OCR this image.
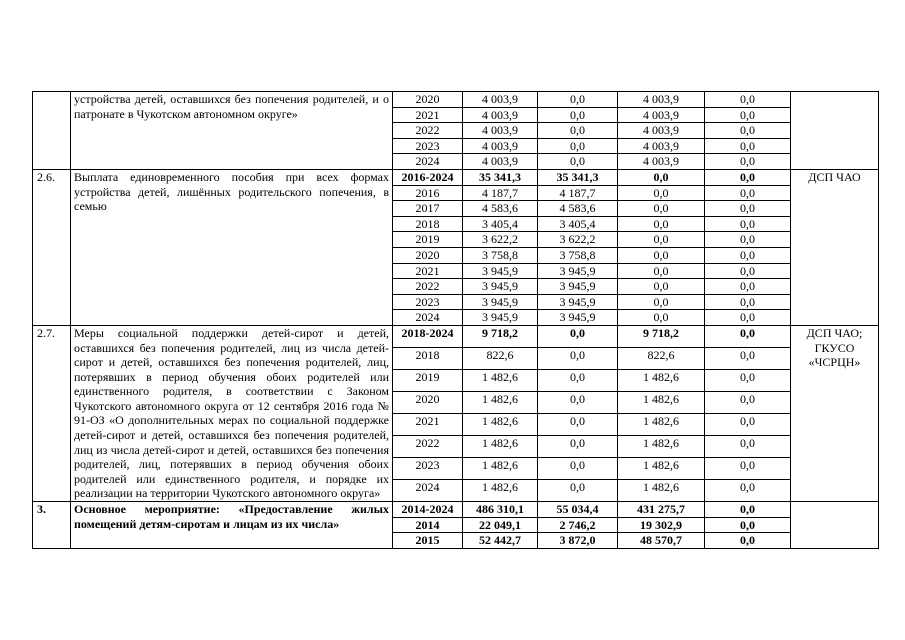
	устройства детей, оставшихся без попечения родителей, и о патронате в Чукотском автономном округе»	2020	4 003,9	0,0	4 003,9	0,0	
		2021	4 003,9	0,0	4 003,9	0,0	
		2022	4 003,9	0,0	4 003,9	0,0	
		2023	4 003,9	0,0	4 003,9	0,0	
		2024	4 003,9	0,0	4 003,9	0,0	
2.6.	Выплата единовременного пособия при всех формах устройства детей, лишённых родительского попечения, в семью	2016-2024	35 341,3	35 341,3	0,0	0,0	ДСП ЧАО
		2016	4 187,7	4 187,7	0,0	0,0	
		2017	4 583,6	4 583,6	0,0	0,0	
		2018	3 405,4	3 405,4	0,0	0,0	
		2019	3 622,2	3 622,2	0,0	0,0	
		2020	3 758,8	3 758,8	0,0	0,0	
		2021	3 945,9	3 945,9	0,0	0,0	
		2022	3 945,9	3 945,9	0,0	0,0	
		2023	3 945,9	3 945,9	0,0	0,0	
		2024	3 945,9	3 945,9	0,0	0,0	
2.7.	Меры социальной поддержки детей-сирот и детей, оставшихся без попечения родителей, лиц из числа детей-сирот и детей, оставшихся без попечения родителей, лиц, потерявших в период обучения обоих родителей или единственного родителя, в соответствии с Законом Чукотского автономного округа от 12 сентября 2016 года № 91-ОЗ «О дополнительных мерах по социальной поддержке детей-сирот и детей, оставшихся без попечения родителей, лиц из числа детей-сирот и детей, оставшихся без попечения родителей, лиц, потерявших в период обучения обоих родителей или единственного родителя, и порядке их реализации на территории Чукотского автономного округа»	2018-2024	9 718,2	0,0	9 718,2	0,0	ДСП ЧАО; ГКУСО «ЧСРЦН»
		2018	822,6	0,0	822,6	0,0	
		2019	1 482,6	0,0	1 482,6	0,0	
		2020	1 482,6	0,0	1 482,6	0,0	
		2021	1 482,6	0,0	1 482,6	0,0	
		2022	1 482,6	0,0	1 482,6	0,0	
		2023	1 482,6	0,0	1 482,6	0,0	
		2024	1 482,6	0,0	1 482,6	0,0	
3.	Основное мероприятие: «Предоставление жилых помещений детям-сиротам и лицам из их числа»	2014-2024	486 310,1	55 034,4	431 275,7	0,0	
		2014	22 049,1	2 746,2	19 302,9	0,0	
		2015	52 442,7	3 872,0	48 570,7	0,0	
